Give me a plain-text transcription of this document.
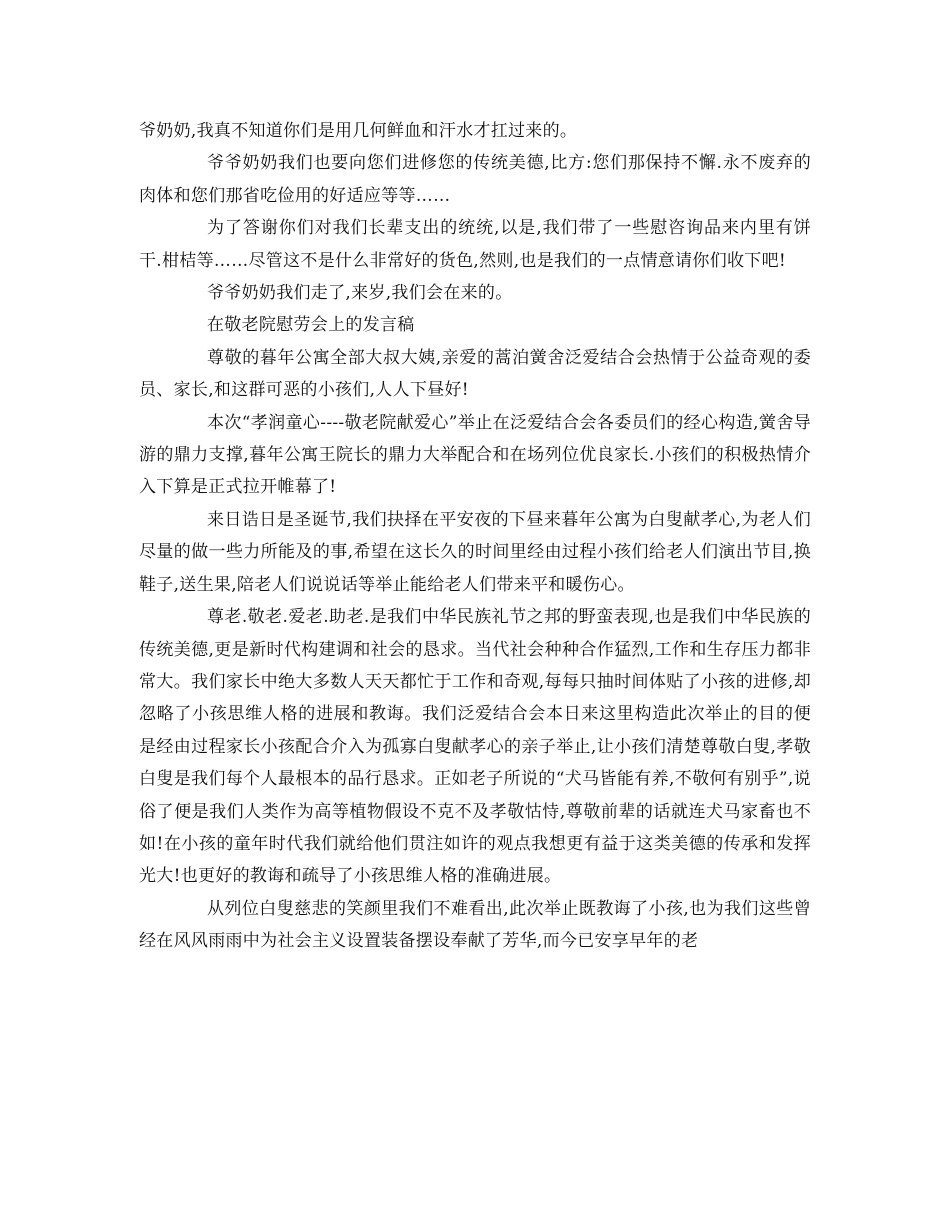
爷奶奶,我真不知道你们是用几何鲜血和汗水才扛过来的。

爷爷奶奶我们也要向您们进修您的传统美德,比方:您们那保持不懈.永不废弃的肉体和您们那省吃俭用的好适应等等……

为了答谢你们对我们长辈支出的统统,以是,我们带了一些慰咨询品来内里有饼干.柑桔等……尽管这不是什么非常好的货色,然则,也是我们的一点情意请你们收下吧!

爷爷奶奶我们走了,来岁,我们会在来的。

在敬老院慰劳会上的发言稿

尊敬的暮年公寓全部大叔大姨,亲爱的蒿泊黉舍泛爱结合会热情于公益奇观的委员、家长,和这群可恶的小孩们,人人下昼好!

本次“孝润童心----敬老院献爱心”举止在泛爱结合会各委员们的经心构造,黉舍导游的鼎力支撑,暮年公寓王院长的鼎力大举配合和在场列位优良家长.小孩们的积极热情介入下算是正式拉开帷幕了!

来日诰日是圣诞节,我们抉择在平安夜的下昼来暮年公寓为白叟献孝心,为老人们尽量的做一些力所能及的事,希望在这长久的时间里经由过程小孩们给老人们演出节目,换鞋子,送生果,陪老人们说说话等举止能给老人们带来平和暖伤心。

尊老.敬老.爱老.助老.是我们中华民族礼节之邦的野蛮表现,也是我们中华民族的传统美德,更是新时代构建调和社会的恳求。当代社会种种合作猛烈,工作和生存压力都非常大。我们家长中绝大多数人天天都忙于工作和奇观,每每只抽时间体贴了小孩的进修,却忽略了小孩思维人格的进展和教诲。我们泛爱结合会本日来这里构造此次举止的目的便是经由过程家长小孩配合介入为孤寡白叟献孝心的亲子举止,让小孩们清楚尊敬白叟,孝敬白叟是我们每个人最根本的品行恳求。正如老子所说的“犬马皆能有养,不敬何有别乎”,说俗了便是我们人类作为高等植物假设不克不及孝敬怙恃,尊敬前辈的话就连犬马家畜也不如!在小孩的童年时代我们就给他们贯注如许的观点我想更有益于这类美德的传承和发挥光大!也更好的教诲和疏导了小孩思维人格的准确进展。

从列位白叟慈悲的笑颜里我们不难看出,此次举止既教诲了小孩,也为我们这些曾经在风风雨雨中为社会主义设置装备摆设奉献了芳华,而今已安享早年的老
